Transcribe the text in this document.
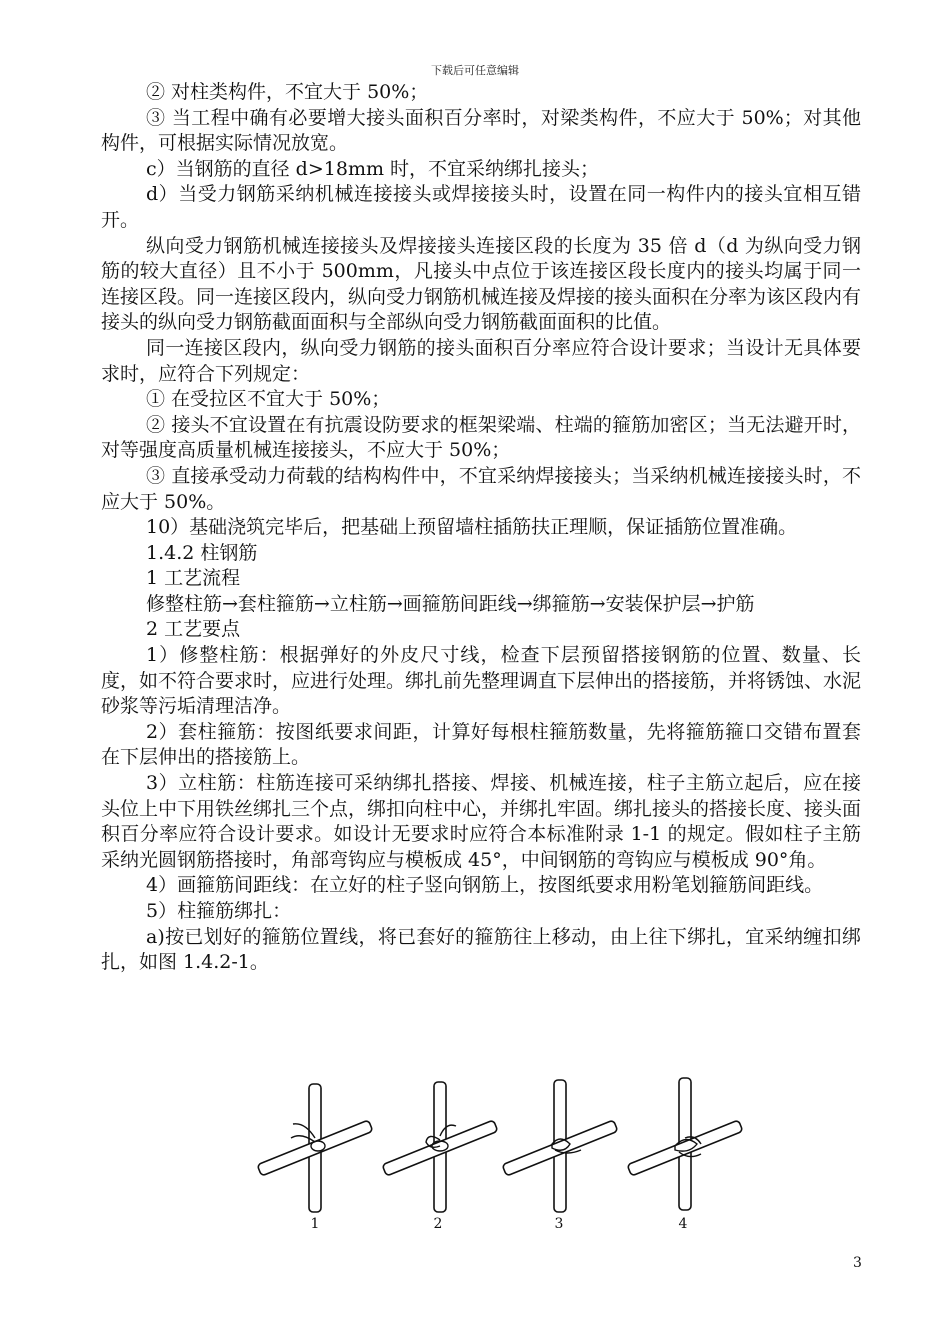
下载后可任意编辑

② 对柱类构件，不宜大于 50%；

③ 当工程中确有必要增大接头面积百分率时，对梁类构件，不应大于 50%；对其他构件，可根据实际情况放宽。

c）当钢筋的直径 d>18mm 时，不宜采纳绑扎接头；

d）当受力钢筋采纳机械连接接头或焊接接头时，设置在同一构件内的接头宜相互错开。

纵向受力钢筋机械连接接头及焊接接头连接区段的长度为 35 倍 d（d 为纵向受力钢筋的较大直径）且不小于 500mm，凡接头中点位于该连接区段长度内的接头均属于同一连接区段。同一连接区段内，纵向受力钢筋机械连接及焊接的接头面积在分率为该区段内有接头的纵向受力钢筋截面面积与全部纵向受力钢筋截面面积的比值。

同一连接区段内，纵向受力钢筋的接头面积百分率应符合设计要求；当设计无具体要求时，应符合下列规定：

① 在受拉区不宜大于 50%；

② 接头不宜设置在有抗震设防要求的框架梁端、柱端的箍筋加密区；当无法避开时，对等强度高质量机械连接接头，不应大于 50%；

③ 直接承受动力荷载的结构构件中，不宜采纳焊接接头；当采纳机械连接接头时，不应大于 50%。

10）基础浇筑完毕后，把基础上预留墙柱插筋扶正理顺，保证插筋位置准确。

1.4.2 柱钢筋

1 工艺流程

修整柱筋→套柱箍筋→立柱筋→画箍筋间距线→绑箍筋→安装保护层→护筋

2 工艺要点

1）修整柱筋：根据弹好的外皮尺寸线，检查下层预留搭接钢筋的位置、数量、长度，如不符合要求时，应进行处理。绑扎前先整理调直下层伸出的搭接筋，并将锈蚀、水泥砂浆等污垢清理洁净。

2）套柱箍筋：按图纸要求间距，计算好每根柱箍筋数量，先将箍筋箍口交错布置套在下层伸出的搭接筋上。

3）立柱筋：柱筋连接可采纳绑扎搭接、焊接、机械连接，柱子主筋立起后，应在接头位上中下用铁丝绑扎三个点，绑扣向柱中心，并绑扎牢固。绑扎接头的搭接长度、接头面积百分率应符合设计要求。如设计无要求时应符合本标准附录 1-1 的规定。假如柱子主筋采纳光圆钢筋搭接时，角部弯钩应与模板成 45°，中间钢筋的弯钩应与模板成 90°角。

4）画箍筋间距线：在立好的柱子竖向钢筋上，按图纸要求用粉笔划箍筋间距线。

5）柱箍筋绑扎：

a)按已划好的箍筋位置线，将已套好的箍筋往上移动，由上往下绑扎，宜采纳缠扣绑扎，如图 1.4.2-1。

1	2	3	4
3
